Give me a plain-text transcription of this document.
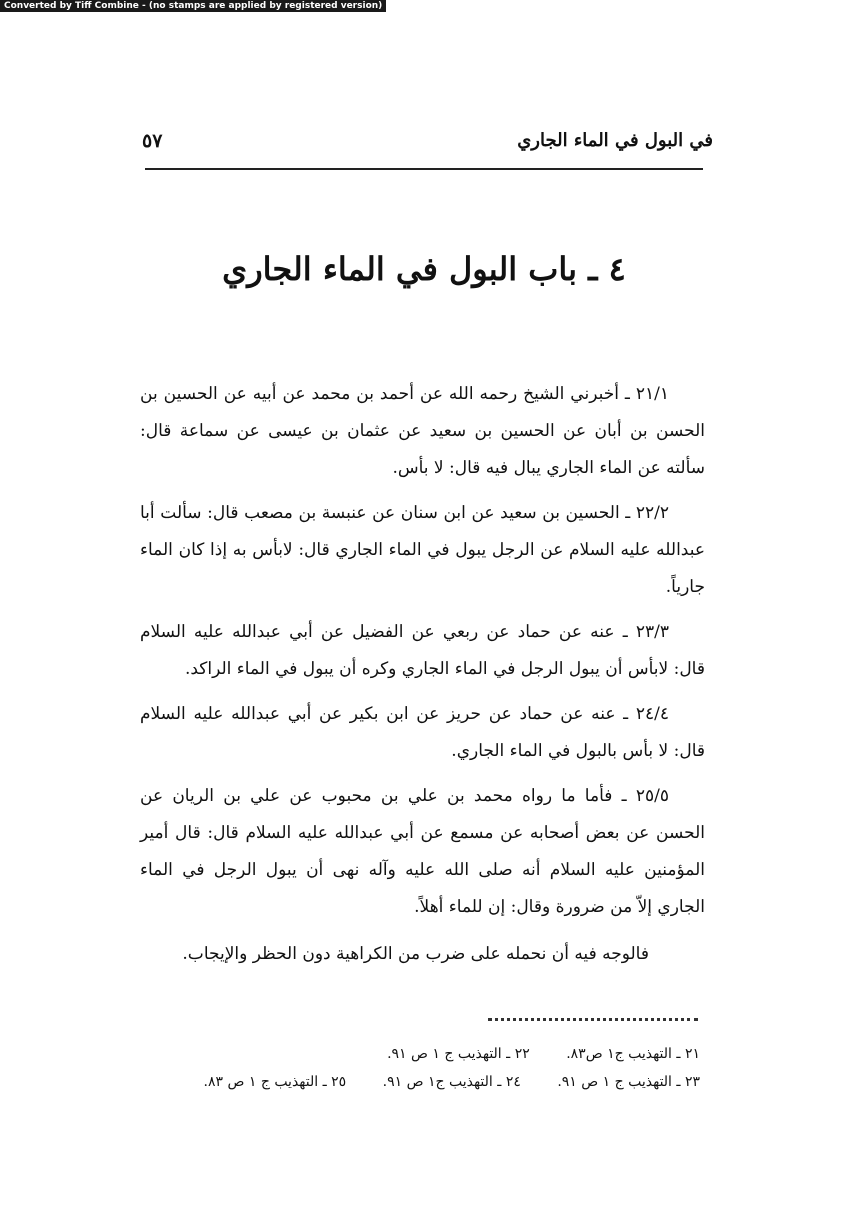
Converted by Tiff Combine - (no stamps are applied by registered version)
في البول في الماء الجاري
٥٧
٤ ـ باب البول في الماء الجاري

٢١/١ ـ أخبرني الشيخ رحمه الله عن أحمد بن محمد عن أبيه عن الحسين بن الحسن بن أبان عن الحسين بن سعيد عن عثمان بن عيسى عن سماعة قال: سألته عن الماء الجاري يبال فيه قال: لا بأس.

٢٢/٢ ـ الحسين بن سعيد عن ابن سنان عن عنبسة بن مصعب قال: سألت أبا عبدالله عليه السلام عن الرجل يبول في الماء الجاري قال: لابأس به إذا كان الماء جارياً.

٢٣/٣ ـ عنه عن حماد عن ربعي عن الفضيل عن أبي عبدالله عليه السلام قال: لابأس أن يبول الرجل في الماء الجاري وكره أن يبول في الماء الراكد.

٢٤/٤ ـ عنه عن حماد عن حريز عن ابن بكير عن أبي عبدالله عليه السلام قال: لا بأس بالبول في الماء الجاري.

٢٥/٥ ـ فأما ما رواه محمد بن علي بن محبوب عن علي بن الريان عن الحسن عن بعض أصحابه عن مسمع عن أبي عبدالله عليه السلام قال: قال أمير المؤمنين عليه السلام أنه صلى الله عليه وآله نهى أن يبول الرجل في الماء الجاري إلاّ من ضرورة وقال: إن للماء أهلاً.

فالوجه فيه أن نحمله على ضرب من الكراهية دون الحظر والإيجاب.

٢١ ـ التهذيب ج١ ص٨٣. ٢٢ ـ التهذيب ج ١ ص ٩١.
٢٣ ـ التهذيب ج ١ ص ٩١. ٢٤ ـ التهذيب ج١ ص ٩١. ٢٥ ـ التهذيب ج ١ ص ٨٣.
